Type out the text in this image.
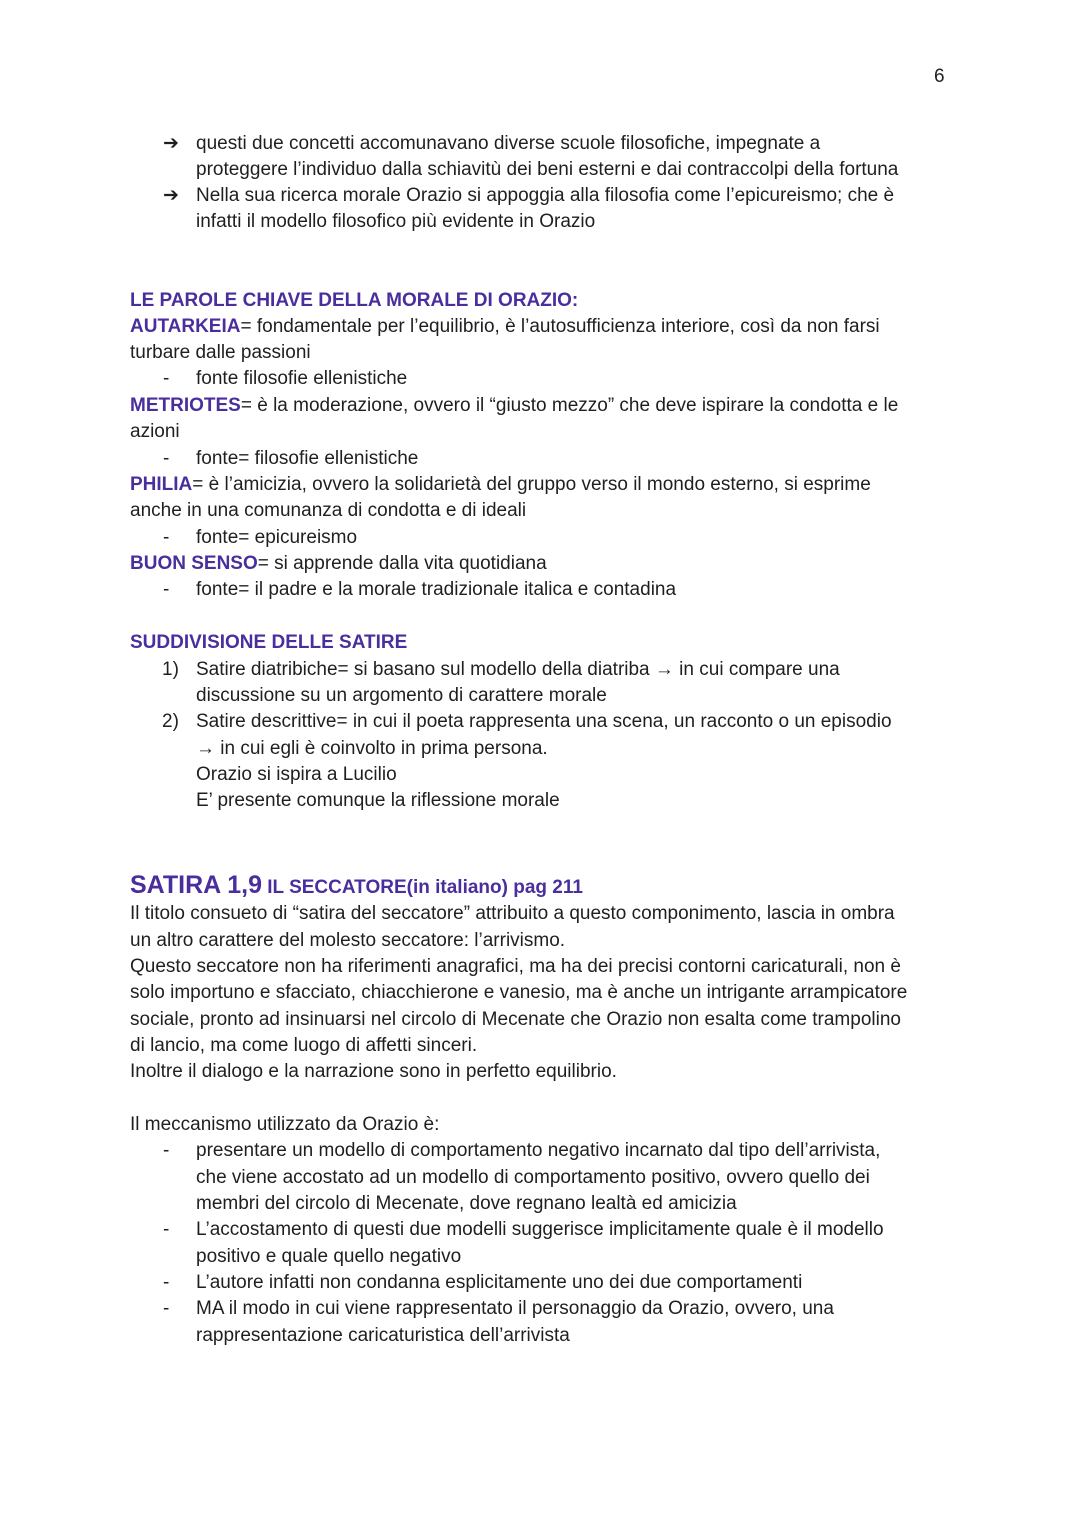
6
➔ questi due concetti accomunavano diverse scuole filosofiche, impegnate a
proteggere l’individuo dalla schiavitù dei beni esterni e dai contraccolpi della fortuna
➔ Nella sua ricerca morale Orazio si appoggia alla filosofia come l’epicureismo; che è
infatti il modello filosofico più evidente in Orazio
LE PAROLE CHIAVE DELLA MORALE DI ORAZIO:
AUTARKEIA= fondamentale per l’equilibrio, è l’autosufficienza interiore, così da non farsi
turbare dalle passioni
- fonte filosofie ellenistiche
METRIOTES= è la moderazione, ovvero il “giusto mezzo” che deve ispirare la condotta e le
azioni
- fonte= filosofie ellenistiche
PHILIA= è l’amicizia, ovvero la solidarietà del gruppo verso il mondo esterno, si esprime
anche in una comunanza di condotta e di ideali
- fonte= epicureismo
BUON SENSO= si apprende dalla vita quotidiana
- fonte= il padre e la morale tradizionale italica e contadina
SUDDIVISIONE DELLE SATIRE
1) Satire diatribiche= si basano sul modello della diatriba → in cui compare una
discussione su un argomento di carattere morale
2) Satire descrittive= in cui il poeta rappresenta una scena, un racconto o un episodio
→ in cui egli è coinvolto in prima persona.
Orazio si ispira a Lucilio
E’ presente comunque la riflessione morale
SATIRA 1,9 IL SECCATORE(in italiano) pag 211
Il titolo consueto di “satira del seccatore” attribuito a questo componimento, lascia in ombra
un altro carattere del molesto seccatore: l’arrivismo.
Questo seccatore non ha riferimenti anagrafici, ma ha dei precisi contorni caricaturali, non è
solo importuno e sfacciato, chiacchierone e vanesio, ma è anche un intrigante arrampicatore
sociale, pronto ad insinuarsi nel circolo di Mecenate che Orazio non esalta come trampolino
di lancio, ma come luogo di affetti sinceri.
Inoltre il dialogo e la narrazione sono in perfetto equilibrio.
Il meccanismo utilizzato da Orazio è:
- presentare un modello di comportamento negativo incarnato dal tipo dell’arrivista,
che viene accostato ad un modello di comportamento positivo, ovvero quello dei
membri del circolo di Mecenate, dove regnano lealtà ed amicizia
- L’accostamento di questi due modelli suggerisce implicitamente quale è il modello
positivo e quale quello negativo
- L’autore infatti non condanna esplicitamente uno dei due comportamenti
- MA il modo in cui viene rappresentato il personaggio da Orazio, ovvero, una
rappresentazione caricaturistica dell’arrivista
